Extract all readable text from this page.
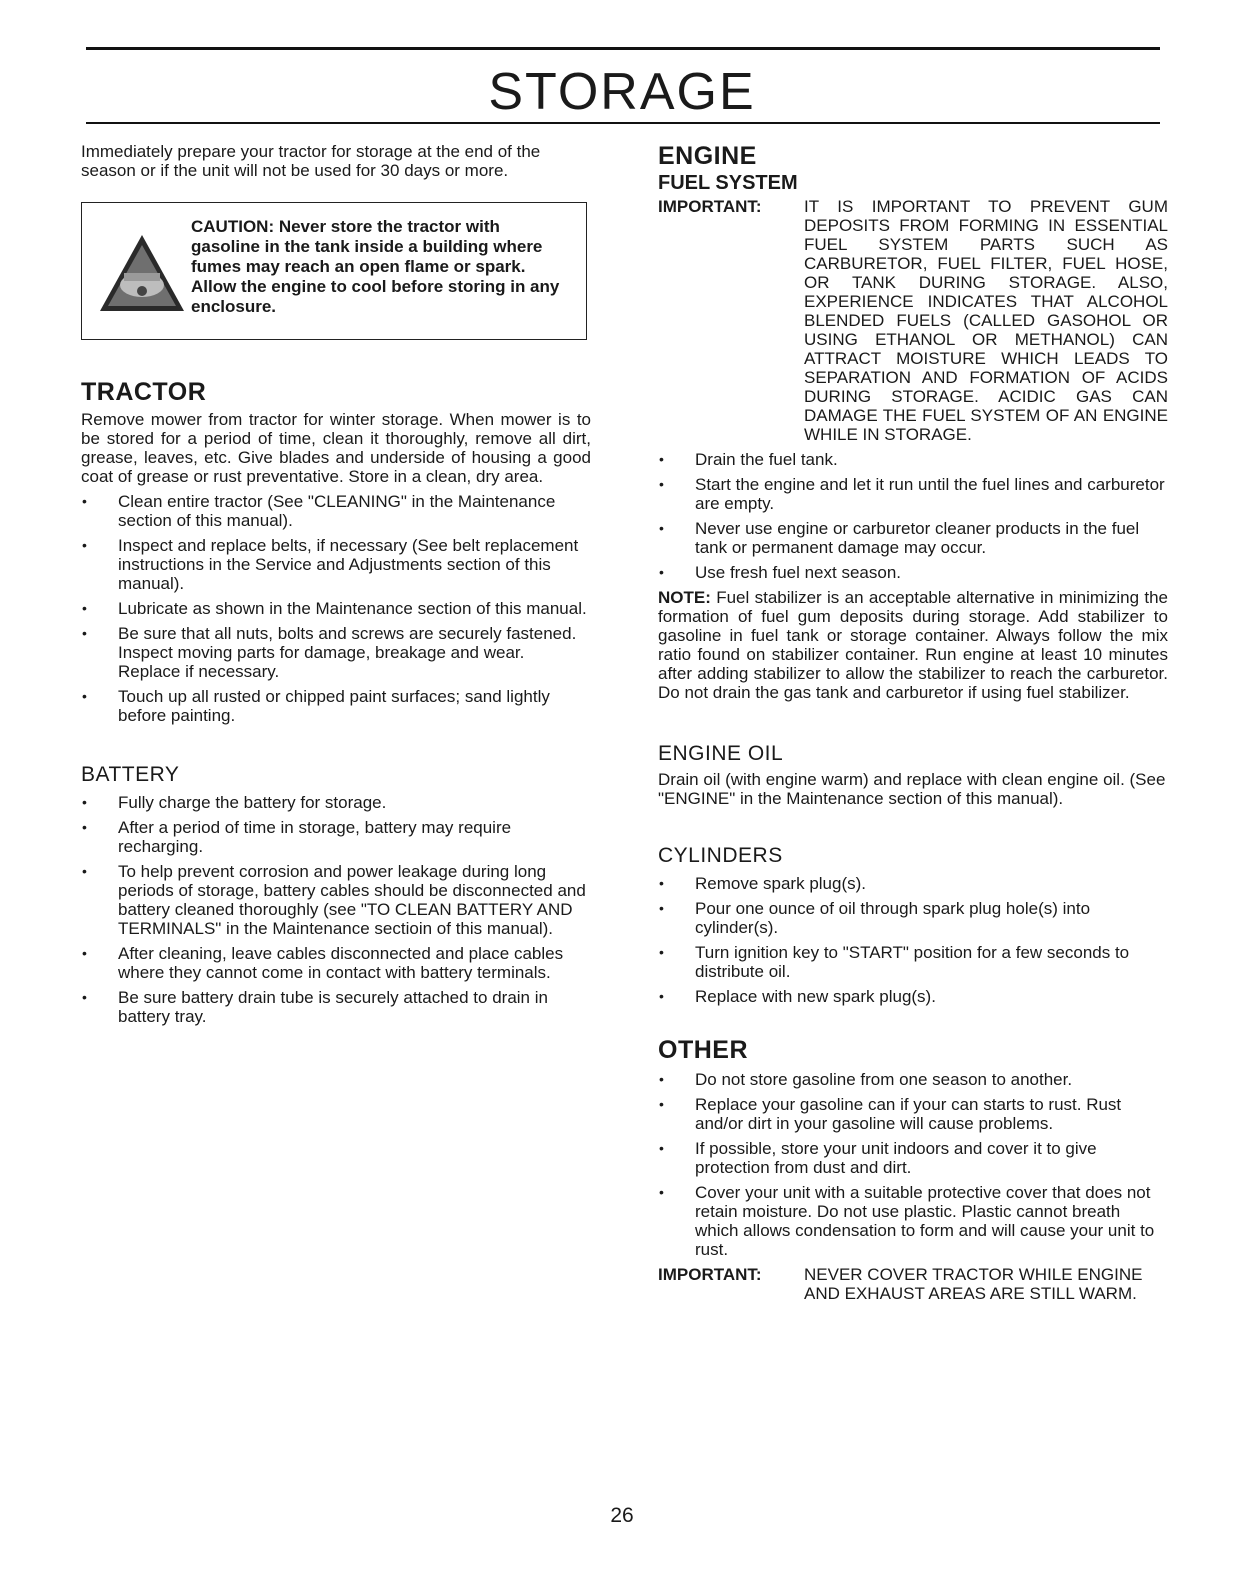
STORAGE

Immediately prepare your tractor for storage at the end of the season or if the unit will not be used for 30 days or more.

CAUTION: Never store the tractor with gasoline in the tank inside a building where fumes may reach an open flame or spark. Allow the engine to cool before storing in any enclosure.
TRACTOR

Remove mower from tractor for winter storage. When mower is to be stored for a period of time, clean it thoroughly, remove all dirt, grease, leaves, etc. Give blades and underside of housing a good coat of grease or rust preventative. Store in a clean, dry area.

• Clean entire tractor (See "CLEANING" in the Maintenance section of this manual).
• Inspect and replace belts, if necessary (See belt replacement instructions in the Service and Adjustments section of this manual).
• Lubricate as shown in the Maintenance section of this manual.
• Be sure that all nuts, bolts and screws are securely fastened. Inspect moving parts for damage, breakage and wear. Replace if necessary.
• Touch up all rusted or chipped paint surfaces; sand lightly before painting.
BATTERY
• Fully charge the battery for storage.
• After a period of time in storage, battery may require recharging.
• To help prevent corrosion and power leakage during long periods of storage, battery cables should be disconnected and battery cleaned thoroughly (see "TO CLEAN BATTERY AND TERMINALS" in the Maintenance sectioin of this manual).
• After cleaning, leave cables disconnected and place cables where they cannot come in contact with battery terminals.
• Be sure battery drain tube is securely attached to drain in battery tray.
ENGINE
FUEL SYSTEM
IMPORTANT:	IT IS IMPORTANT TO PREVENT GUM DEPOSITS FROM FORMING IN ESSENTIAL FUEL SYSTEM PARTS SUCH AS CARBURETOR, FUEL FILTER, FUEL HOSE, OR TANK DURING STORAGE. ALSO, EXPERIENCE INDICATES THAT ALCOHOL BLENDED FUELS (CALLED GASOHOL OR USING ETHANOL OR METHANOL) CAN ATTRACT MOISTURE WHICH LEADS TO SEPARATION AND FORMATION OF ACIDS DURING STORAGE. ACIDIC GAS CAN DAMAGE THE FUEL SYSTEM OF AN ENGINE WHILE IN STORAGE.
• Drain the fuel tank.
• Start the engine and let it run until the fuel lines and carburetor are empty.
• Never use engine or carburetor cleaner products in the fuel tank or permanent damage may occur.
• Use fresh fuel next season.

NOTE: Fuel stabilizer is an acceptable alternative in minimizing the formation of fuel gum deposits during storage. Add stabilizer to gasoline in fuel tank or storage container. Always follow the mix ratio found on stabilizer container. Run engine at least 10 minutes after adding stabilizer to allow the stabilizer to reach the carburetor. Do not drain the gas tank and carburetor if using fuel stabilizer.

ENGINE OIL

Drain oil (with engine warm) and replace with clean engine oil. (See "ENGINE" in the Maintenance section of this manual).

CYLINDERS
• Remove spark plug(s).
• Pour one ounce of oil through spark plug hole(s) into cylinder(s).
• Turn ignition key to "START" position for a few seconds to distribute oil.
• Replace with new spark plug(s).
OTHER
• Do not store gasoline from one season to another.
• Replace your gasoline can if your can starts to rust. Rust and/or dirt in your gasoline will cause problems.
• If possible, store your unit indoors and cover it to give protection from dust and dirt.
• Cover your unit with a suitable protective cover that does not retain moisture. Do not use plastic. Plastic cannot breath which allows condensation to form and will cause your unit to rust.
IMPORTANT:	NEVER COVER TRACTOR WHILE ENGINE AND EXHAUST AREAS ARE STILL WARM.
26
